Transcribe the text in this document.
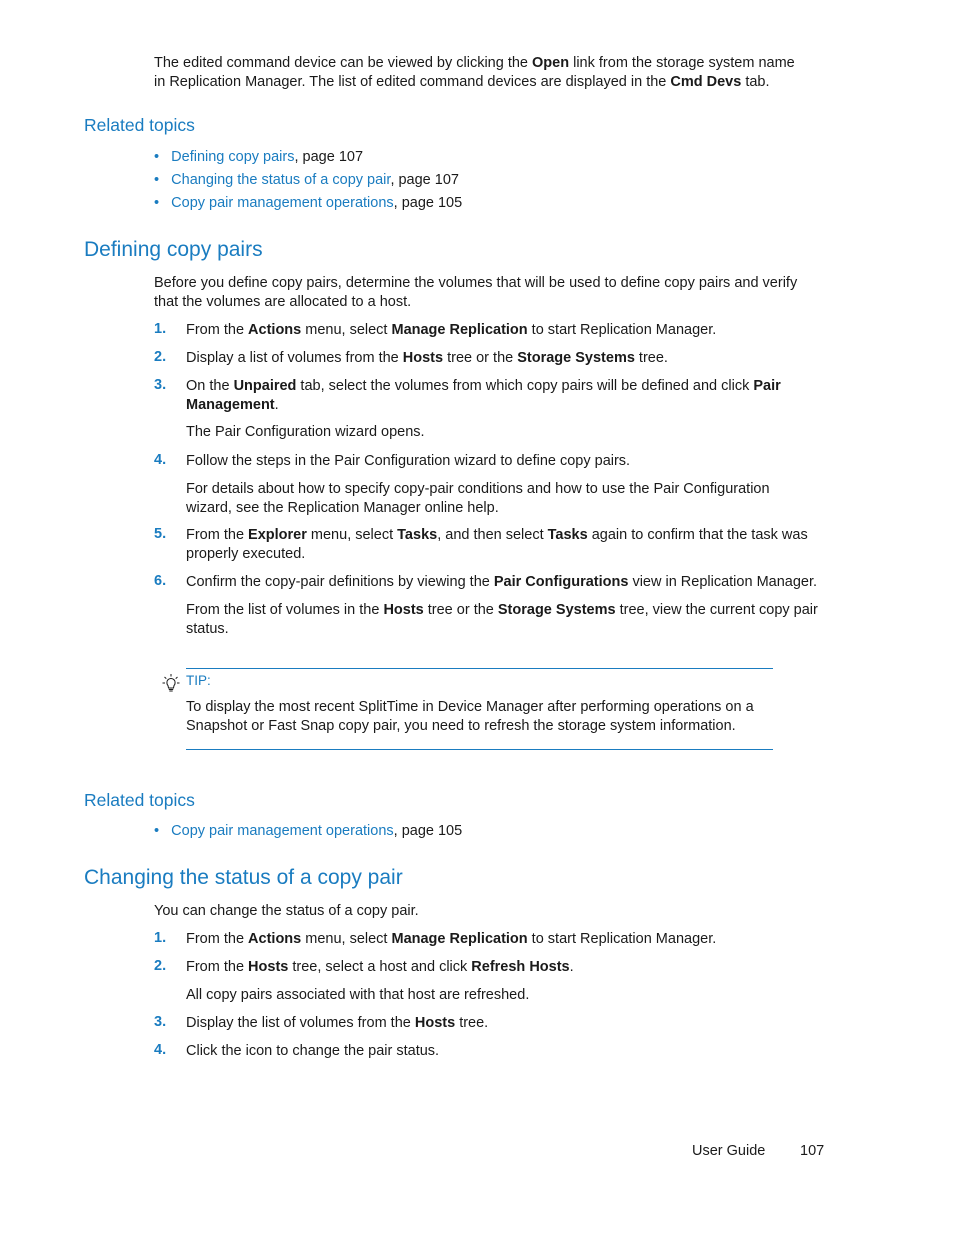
The edited command device can be viewed by clicking the Open link from the storage system name
in Replication Manager. The list of edited command devices are displayed in the Cmd Devs tab.
Related topics
• Defining copy pairs, page 107
• Changing the status of a copy pair, page 107
• Copy pair management operations, page 105
Defining copy pairs
Before you define copy pairs, determine the volumes that will be used to define copy pairs and verify
that the volumes are allocated to a host.
1. From the Actions menu, select Manage Replication to start Replication Manager.
2. Display a list of volumes from the Hosts tree or the Storage Systems tree.
3. On the Unpaired tab, select the volumes from which copy pairs will be defined and click Pair
Management.
The Pair Configuration wizard opens.
4. Follow the steps in the Pair Configuration wizard to define copy pairs.
For details about how to specify copy-pair conditions and how to use the Pair Configuration
wizard, see the Replication Manager online help.
5. From the Explorer menu, select Tasks, and then select Tasks again to confirm that the task was
properly executed.
6. Confirm the copy-pair definitions by viewing the Pair Configurations view in Replication Manager.
From the list of volumes in the Hosts tree or the Storage Systems tree, view the current copy pair
status.
TIP:
To display the most recent SplitTime in Device Manager after performing operations on a
Snapshot or Fast Snap copy pair, you need to refresh the storage system information.
Related topics
• Copy pair management operations, page 105
Changing the status of a copy pair
You can change the status of a copy pair.
1. From the Actions menu, select Manage Replication to start Replication Manager.
2. From the Hosts tree, select a host and click Refresh Hosts.
All copy pairs associated with that host are refreshed.
3. Display the list of volumes from the Hosts tree.
4. Click the icon to change the pair status.
User Guide 107
